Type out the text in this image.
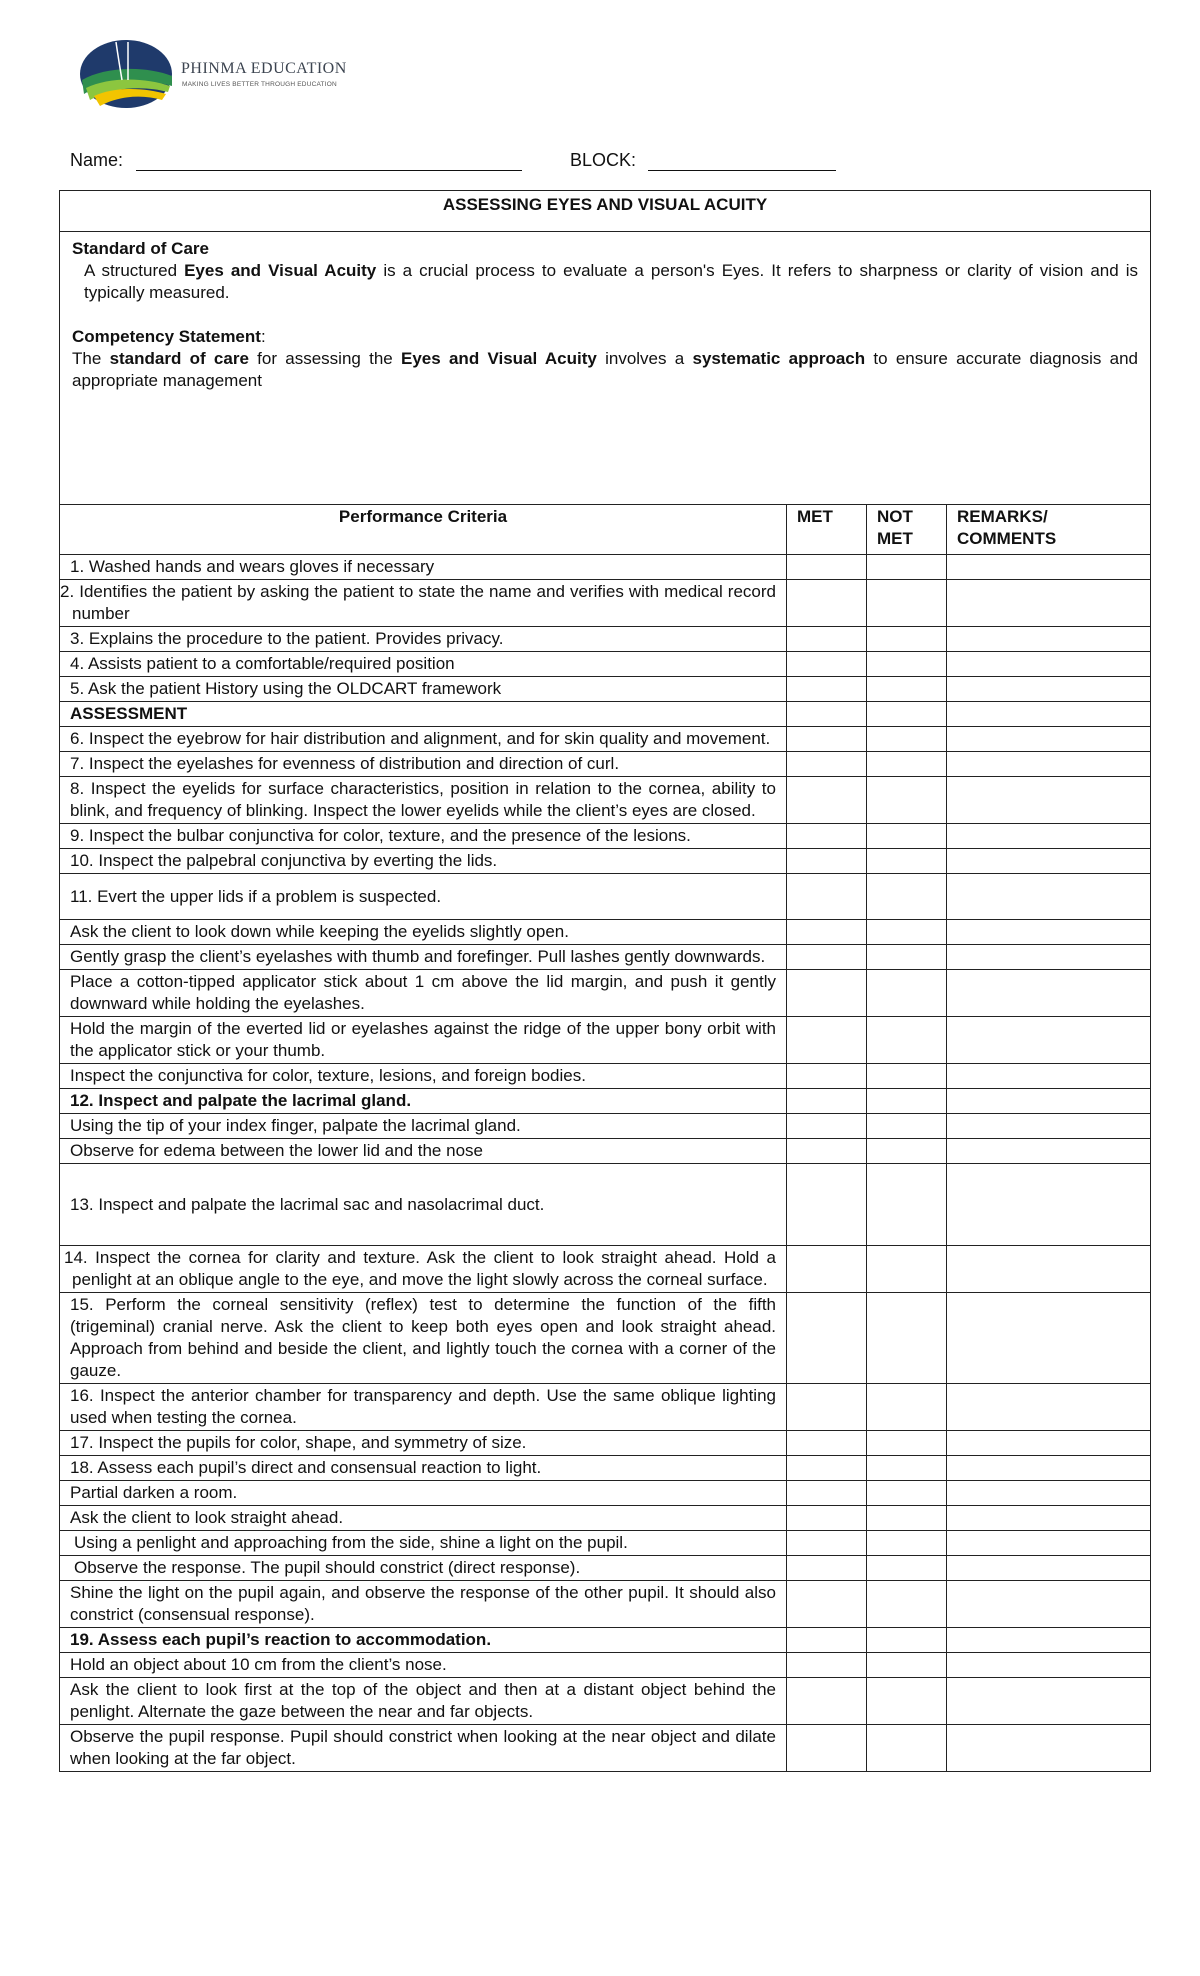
PHINMA EDUCATION
MAKING LIVES BETTER THROUGH EDUCATION
Name:	BLOCK:
ASSESSING EYES AND VISUAL ACUITY			

Standard of Care

A structured Eyes and Visual Acuity is a crucial process to evaluate a person's Eyes. It refers to sharpness or clarity of vision and is typically measured.

Competency Statement:

The standard of care for assessing the Eyes and Visual Acuity involves a systematic approach to ensure accurate diagnosis and appropriate management			

Performance Criteria	MET	NOT MET	REMARKS/ COMMENTS
1. Washed hands and wears gloves if necessary			
2. Identifies the patient by asking the patient to state the name and verifies with medical record number			
3. Explains the procedure to the patient. Provides privacy.			
4. Assists patient to a comfortable/required position			
5. Ask the patient History using the OLDCART framework			
ASSESSMENT			
6. Inspect the eyebrow for hair distribution and alignment, and for skin quality and movement.			
7. Inspect the eyelashes for evenness of distribution and direction of curl.			
8. Inspect the eyelids for surface characteristics, position in relation to the cornea, ability to blink, and frequency of blinking. Inspect the lower eyelids while the client’s eyes are closed.			
9. Inspect the bulbar conjunctiva for color, texture, and the presence of the lesions.			
10. Inspect the palpebral conjunctiva by everting the lids.			
11. Evert the upper lids if a problem is suspected.			
Ask the client to look down while keeping the eyelids slightly open.			
Gently grasp the client’s eyelashes with thumb and forefinger. Pull lashes gently downwards.			
Place a cotton-tipped applicator stick about 1 cm above the lid margin, and push it gently downward while holding the eyelashes.			
Hold the margin of the everted lid or eyelashes against the ridge of the upper bony orbit with the applicator stick or your thumb.			
Inspect the conjunctiva for color, texture, lesions, and foreign bodies.			
12. Inspect and palpate the lacrimal gland.			
Using the tip of your index finger, palpate the lacrimal gland.			
Observe for edema between the lower lid and the nose			
13. Inspect and palpate the lacrimal sac and nasolacrimal duct.			
14. Inspect the cornea for clarity and texture. Ask the client to look straight ahead. Hold a penlight at an oblique angle to the eye, and move the light slowly across the corneal surface.			
15. Perform the corneal sensitivity (reflex) test to determine the function of the fifth (trigeminal) cranial nerve. Ask the client to keep both eyes open and look straight ahead. Approach from behind and beside the client, and lightly touch the cornea with a corner of the gauze.			
16. Inspect the anterior chamber for transparency and depth. Use the same oblique lighting used when testing the cornea.			
17. Inspect the pupils for color, shape, and symmetry of size.			
18. Assess each pupil’s direct and consensual reaction to light.			
Partial darken a room.			
Ask the client to look straight ahead.			
Using a penlight and approaching from the side, shine a light on the pupil.			
Observe the response. The pupil should constrict (direct response).			
Shine the light on the pupil again, and observe the response of the other pupil. It should also constrict (consensual response).			
19. Assess each pupil’s reaction to accommodation.			
Hold an object about 10 cm from the client’s nose.			
Ask the client to look first at the top of the object and then at a distant object behind the penlight. Alternate the gaze between the near and far objects.			
Observe the pupil response. Pupil should constrict when looking at the near object and dilate when looking at the far object.			
